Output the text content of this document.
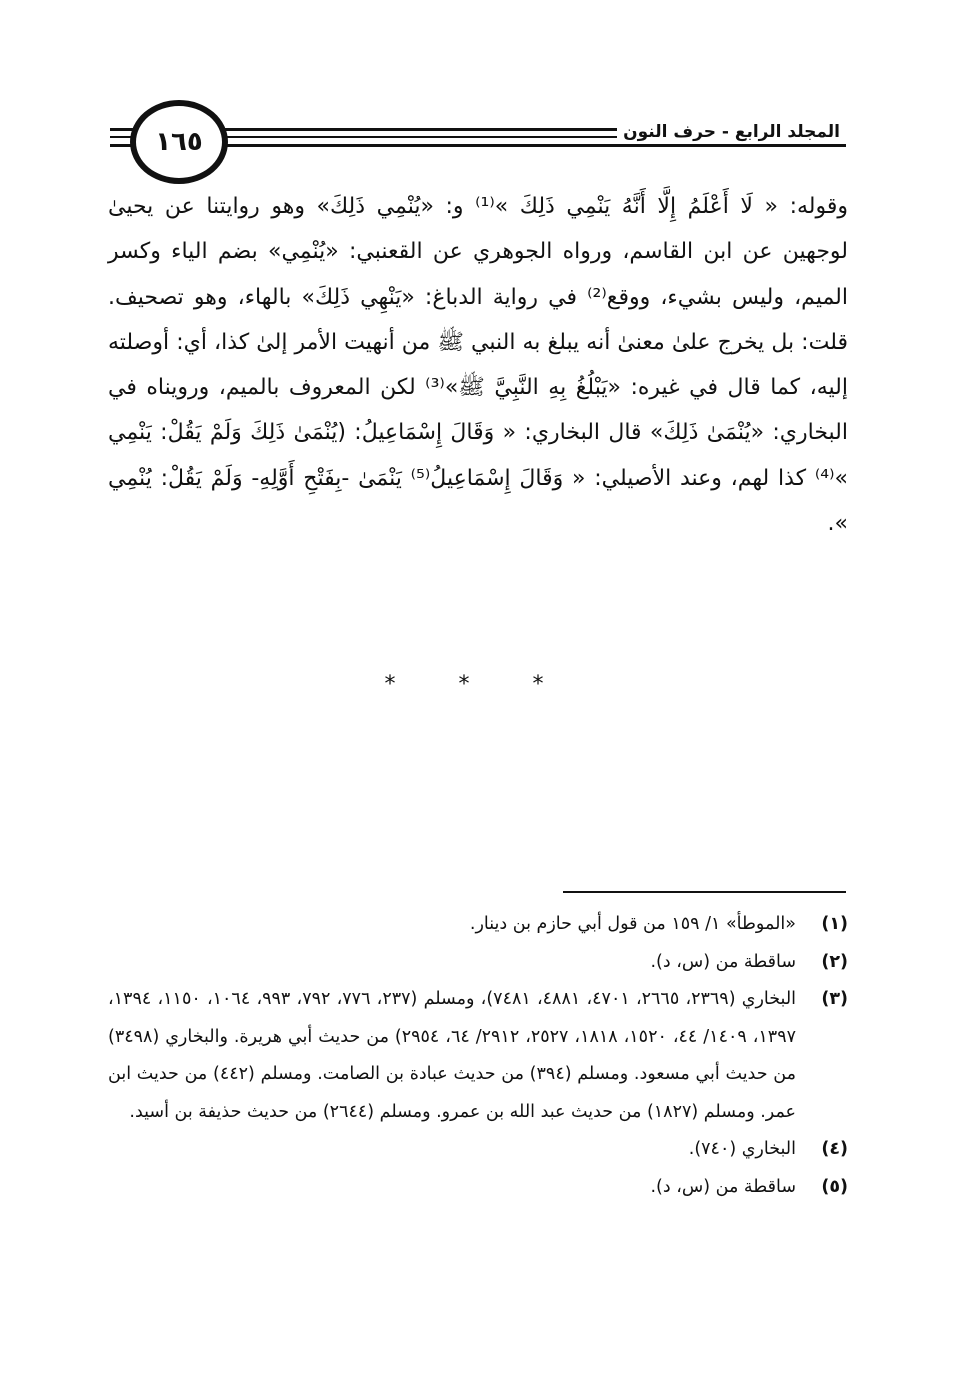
١٦٥	المجلد الرابع - حرف النون

وقوله: « لَا أَعْلَمُ إِلَّا أَنَّهُ يَنْمِي ذَلِكَ »⁽¹⁾ و: «يُنْمِي ذَلِكَ» وهو روايتنا عن يحيىٰ لوجهين عن ابن القاسم، ورواه الجوهري عن القعنبي: «يُنْمِي» بضم الياء وكسر الميم، وليس بشيء، ووقع⁽²⁾ في رواية الدباغ: «يَنْهِي ذَلِكَ» بالهاء، وهو تصحيف. قلت: بل يخرج علىٰ معنىٰ أنه يبلغ به النبي ﷺ من أنهيت الأمر إلىٰ كذا، أي: أوصلته إليه، كما قال في غيره: «يَبْلُغُ بِهِ النَّبِيَّ ﷺ»⁽³⁾ لكن المعروف بالميم، ورويناه في البخاري: «يُنْمَىٰ ذَلِكَ» قال البخاري: « وَقَالَ إِسْمَاعِيلُ: (يُنْمَىٰ ذَلِكَ وَلَمْ يَقُلْ: يَنْمِي »⁽⁴⁾ كذا لهم، وعند الأصيلي: « وَقَالَ إِسْمَاعِيلُ⁽⁵⁾ يَنْمَىٰ -بِفَتْحِ أَوَّلِهِ- وَلَمْ يَقُلْ: يُنْمِي ».

* * *
(١)
«الموطأ» ١/ ١٥٩ من قول أبي حازم بن دينار.
(٢)
ساقطة من (س، د).
(٣)
البخاري (٢٣٦٩، ٢٦٦٥، ٤٧٠١، ٤٨٨١، ٧٤٨١)، ومسلم (٢٣٧، ٧٧٦، ٧٩٢، ٩٩٣، ١٠٦٤، ١١٥٠، ١٣٩٤، ١٣٩٧، ١٤٠٩/ ٤٤، ١٥٢٠، ١٨١٨، ٢٥٢٧، ٢٩١٢/ ٦٤، ٢٩٥٤) من حديث أبي هريرة. والبخاري (٣٤٩٨) من حديث أبي مسعود. ومسلم (٣٩٤) من حديث عبادة بن الصامت. ومسلم (٤٤٢) من حديث ابن عمر. ومسلم (١٨٢٧) من حديث عبد الله بن عمرو. ومسلم (٢٦٤٤) من حديث حذيفة بن أسيد.
(٤)
البخاري (٧٤٠).
(٥)
ساقطة من (س، د).
